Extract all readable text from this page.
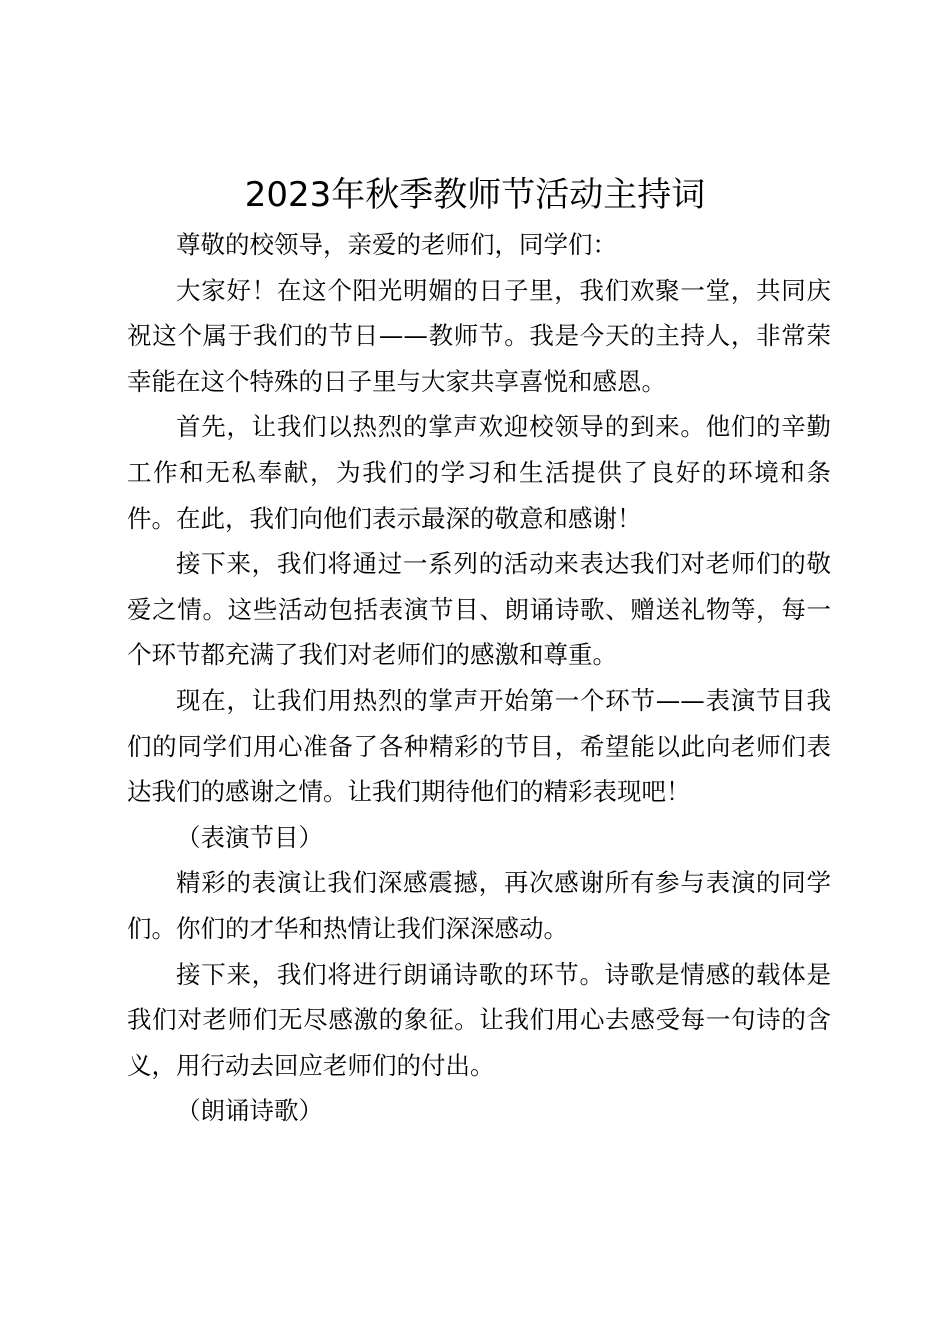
2023年秋季教师节活动主持词

尊敬的校领导，亲爱的老师们，同学们：

大家好！在这个阳光明媚的日子里，我们欢聚一堂，共同庆祝这个属于我们的节日——教师节。我是今天的主持人，非常荣幸能在这个特殊的日子里与大家共享喜悦和感恩。

首先，让我们以热烈的掌声欢迎校领导的到来。他们的辛勤工作和无私奉献，为我们的学习和生活提供了良好的环境和条件。在此，我们向他们表示最深的敬意和感谢！

接下来，我们将通过一系列的活动来表达我们对老师们的敬爱之情。这些活动包括表演节目、朗诵诗歌、赠送礼物等，每一个环节都充满了我们对老师们的感激和尊重。

现在，让我们用热烈的掌声开始第一个环节——表演节目我们的同学们用心准备了各种精彩的节目，希望能以此向老师们表达我们的感谢之情。让我们期待他们的精彩表现吧！

（表演节目）

精彩的表演让我们深感震撼，再次感谢所有参与表演的同学们。你们的才华和热情让我们深深感动。

接下来，我们将进行朗诵诗歌的环节。诗歌是情感的载体是我们对老师们无尽感激的象征。让我们用心去感受每一句诗的含义，用行动去回应老师们的付出。

（朗诵诗歌）
